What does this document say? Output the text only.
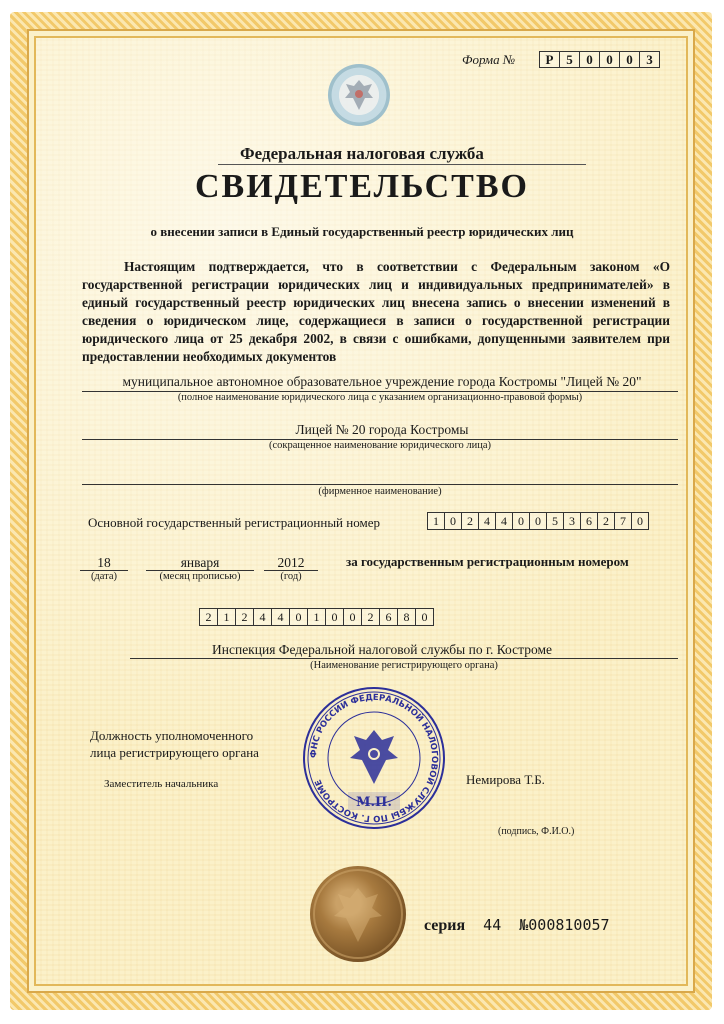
Форма №	Р 5	0	0	0	3
Федеральная налоговая служба
СВИДЕТЕЛЬСТВО
о внесении записи в Единый государственный реестр юридических лиц
Настоящим подтверждается, что в соответствии с Федеральным законом «О государственной регистрации юридических лиц и индивидуальных предпринимателей» в единый государственный реестр юридических лиц внесена запись о внесении изменений в сведения о юридическом лице, содержащиеся в записи о государственной регистрации юридического лица от 25 декабря 2002, в связи с ошибками, допущенными заявителем при предоставлении необходимых документов
муниципальное автономное образовательное учреждение города Костромы "Лицей № 20"
(полное наименование юридического лица с указанием организационно-правовой формы)
Лицей № 20 города Костромы
(сокращенное наименование юридического лица)
(фирменное наименование)
Основной государственный регистрационный номер	1 0 2 4 4 0 0 5 3 6 2 7 0
18
(дата)
января
(месяц прописью)
2012
(год)
за государственным регистрационным номером
2	1	2	4	4	0	1	0	0	2	6	8	0
Инспекция Федеральной налоговой службы по г. Костроме
(Наименование регистрирующего органа)
Должность уполномоченного
лица регистрирующего органа
Заместитель начальника	Немирова Т.Б.
(подпись, Ф.И.О.)
ФНС РОССИИ ФЕДЕРАЛЬНОЙ НАЛОГОВОЙ СЛУЖБЫ ПО Г. КОСТРОМЕ
М.П.
серия 44 №000810057
